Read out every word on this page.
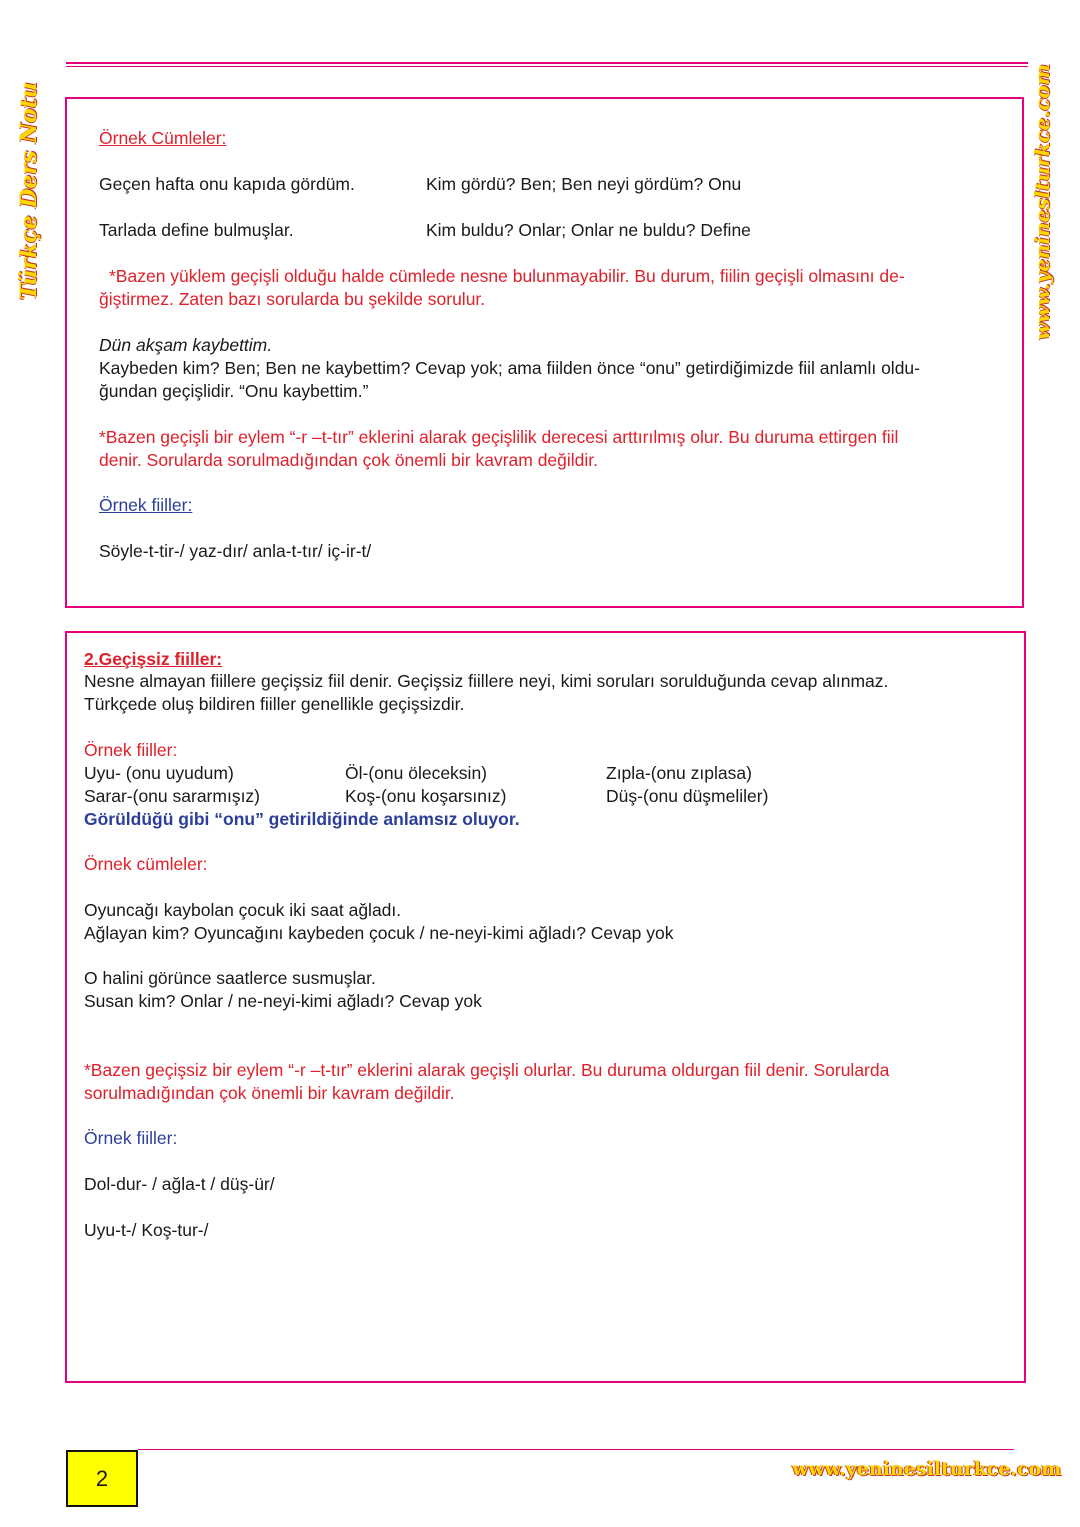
Türkçe Ders Notu	www.yenineslturkce.com
Örnek Cümleler:
Geçen hafta onu kapıda gördüm.	Kim gördü? Ben; Ben neyi gördüm? Onu
Tarlada define bulmuşlar.	Kim buldu? Onlar; Onlar ne buldu? Define
*Bazen yüklem geçişli olduğu halde cümlede nesne bulunmayabilir. Bu durum, fiilin geçişli olmasını de-
ğiştirmez. Zaten bazı sorularda bu şekilde sorulur.
Dün akşam kaybettim.
Kaybeden kim? Ben; Ben ne kaybettim? Cevap yok; ama fiilden önce “onu” getirdiğimizde fiil anlamlı oldu-
ğundan geçişlidir. “Onu kaybettim.”
*Bazen geçişli bir eylem “-r –t-tır” eklerini alarak geçişlilik derecesi arttırılmış olur. Bu duruma ettirgen fiil
denir. Sorularda sorulmadığından çok önemli bir kavram değildir.
Örnek fiiller:
Söyle-t-tir-/ yaz-dır/ anla-t-tır/ iç-ir-t/
2.Geçişsiz fiiller:
Nesne almayan fiillere geçişsiz fiil denir. Geçişsiz fiillere neyi, kimi soruları sorulduğunda cevap alınmaz.
Türkçede oluş bildiren fiiller genellikle geçişsizdir.
Örnek fiiller:
Uyu- (onu uyudum)	Öl-(onu öleceksin)	Zıpla-(onu zıplasa)
Sarar-(onu sararmışız)	Koş-(onu koşarsınız)	Düş-(onu düşmeliler)
Görüldüğü gibi “onu” getirildiğinde anlamsız oluyor.
Örnek cümleler:
Oyuncağı kaybolan çocuk iki saat ağladı.
Ağlayan kim? Oyuncağını kaybeden çocuk / ne-neyi-kimi ağladı? Cevap yok
O halini görünce saatlerce susmuşlar.
Susan kim? Onlar / ne-neyi-kimi ağladı? Cevap yok
*Bazen geçişsiz bir eylem “-r –t-tır” eklerini alarak geçişli olurlar. Bu duruma oldurgan fiil denir. Sorularda
sorulmadığından çok önemli bir kavram değildir.
Örnek fiiller:
Dol-dur- / ağla-t / düş-ür/
Uyu-t-/ Koş-tur-/
2	www.yeninesilturkce.com
